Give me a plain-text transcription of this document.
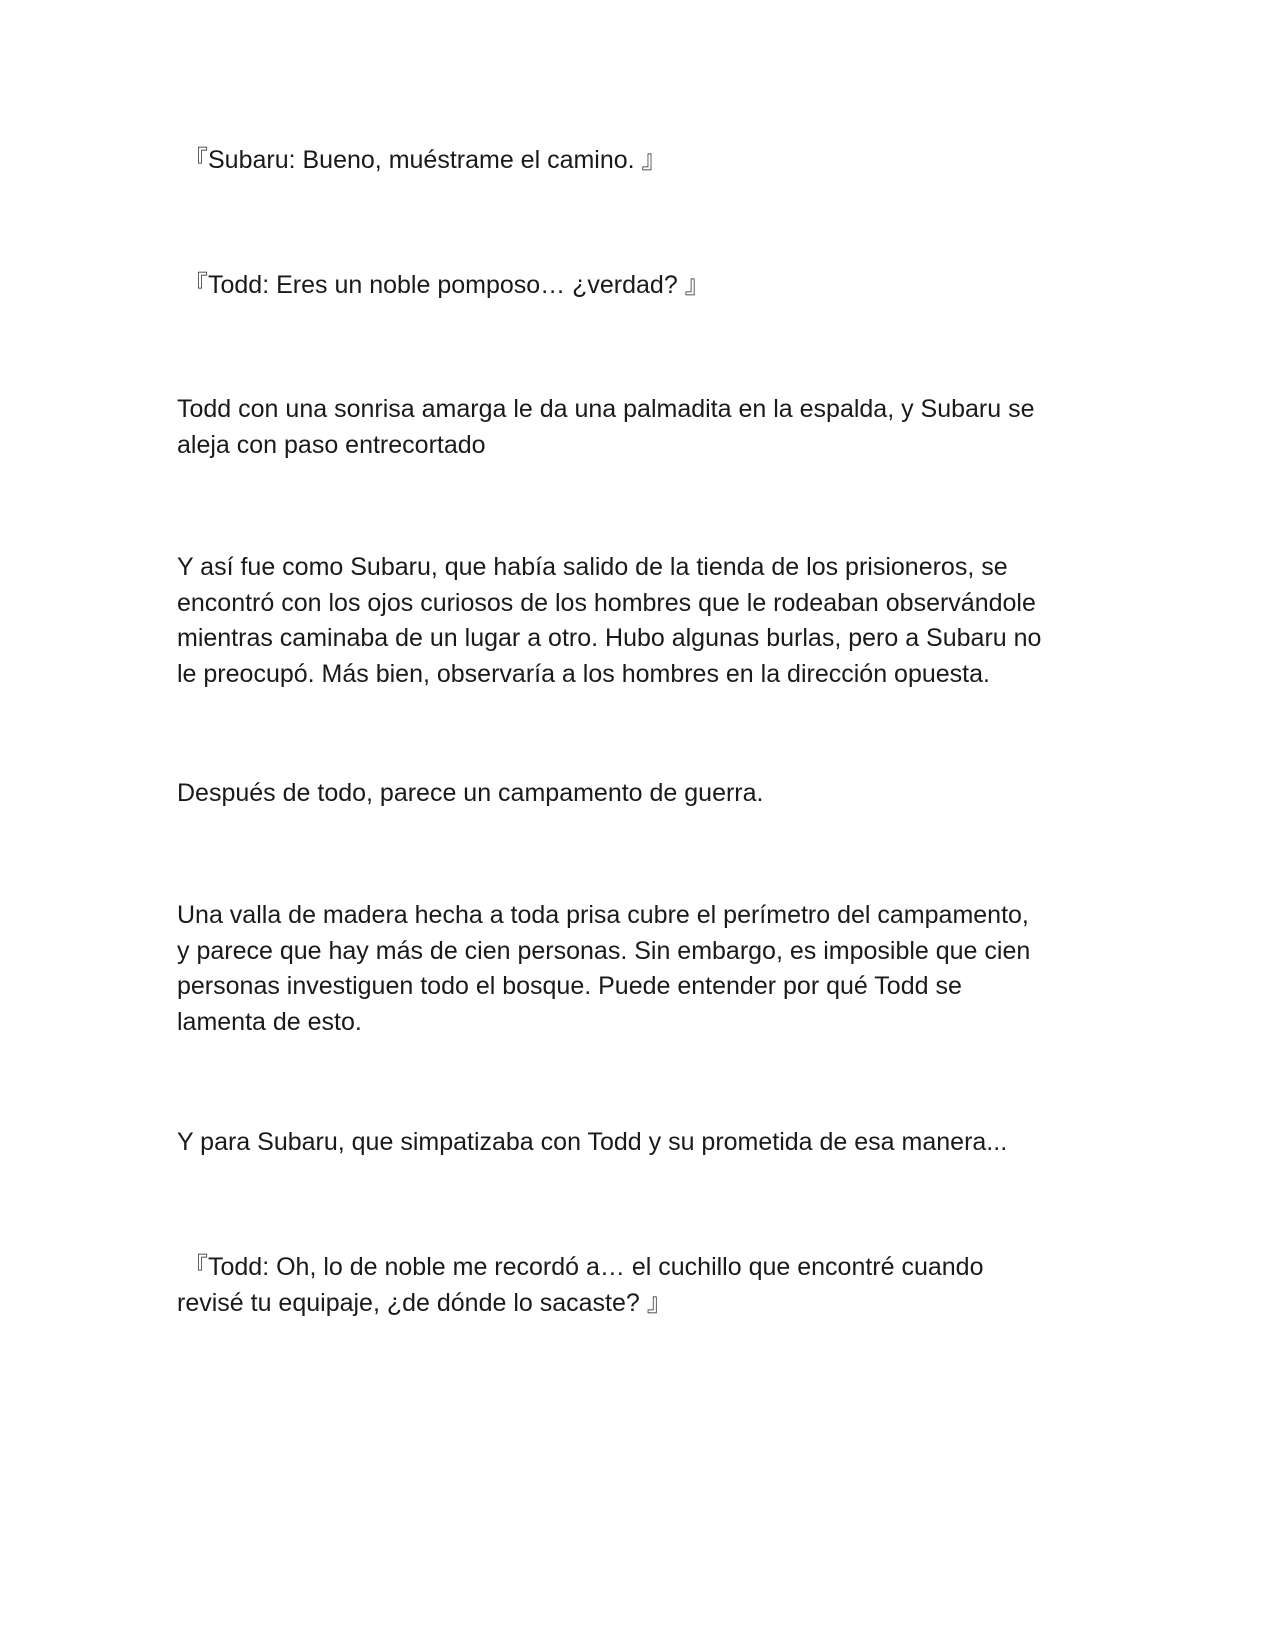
『Subaru: Bueno, muéstrame el camino. 』

『Todd: Eres un noble pomposo… ¿verdad? 』

Todd con una sonrisa amarga le da una palmadita en la espalda, y Subaru se
aleja con paso entrecortado

Y así fue como Subaru, que había salido de la tienda de los prisioneros, se
encontró con los ojos curiosos de los hombres que le rodeaban observándole
mientras caminaba de un lugar a otro. Hubo algunas burlas, pero a Subaru no
le preocupó. Más bien, observaría a los hombres en la dirección opuesta.

Después de todo, parece un campamento de guerra.

Una valla de madera hecha a toda prisa cubre el perímetro del campamento,
y parece que hay más de cien personas. Sin embargo, es imposible que cien
personas investiguen todo el bosque. Puede entender por qué Todd se
lamenta de esto.

Y para Subaru, que simpatizaba con Todd y su prometida de esa manera...

『Todd: Oh, lo de noble me recordó a… el cuchillo que encontré cuando
revisé tu equipaje, ¿de dónde lo sacaste? 』
